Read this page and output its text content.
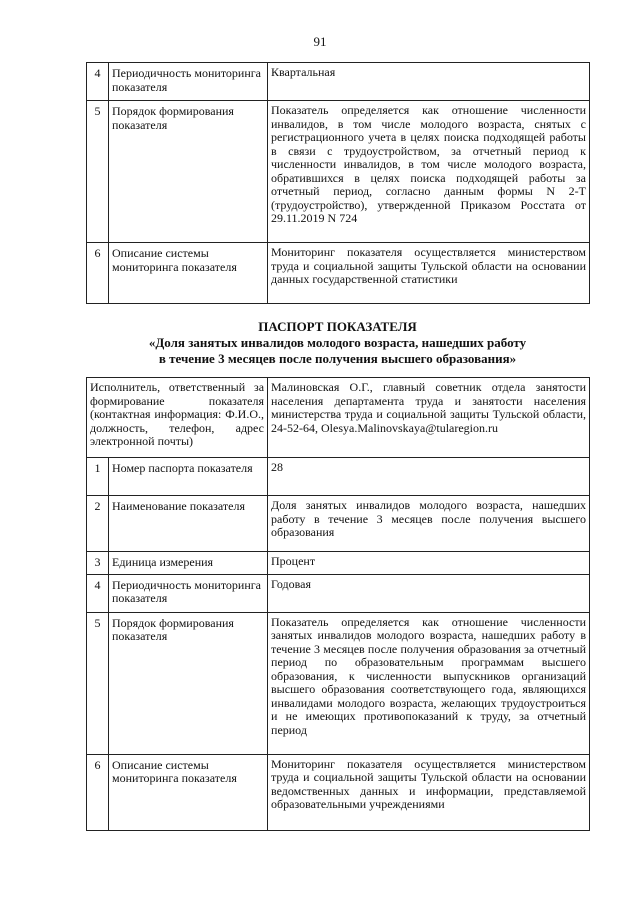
91
4	Периодичность мониторинга показателя	Квартальная
5	Порядок формирования показателя	Показатель определяется как отношение численности инвалидов, в том числе молодого возраста, снятых с регистрационного учета в целях поиска подходящей работы в связи с трудоустройством, за отчетный период к численности инвалидов, в том числе молодого возраста, обратившихся в целях поиска подходящей работы за отчетный период, согласно данным формы N 2-Т (трудоустройство), утвержденной Приказом Росстата от 29.11.2019 N 724
6	Описание системы мониторинга показателя	Мониторинг показателя осуществляется министерством труда и социальной защиты Тульской области на основании данных государственной статистики
ПАСПОРТ ПОКАЗАТЕЛЯ
«Доля занятых инвалидов молодого возраста, нашедших работу
в течение 3 месяцев после получения высшего образования»
Исполнитель, ответственный за формирование показателя (контактная информация: Ф.И.О., должность, телефон, адрес электронной почты)		Малиновская О.Г., главный советник отдела занятости населения департамента труда и занятости населения министерства труда и социальной защиты Тульской области, 24-52-64, Olesya.Malinovskaya@tularegion.ru
1	Номер паспорта показателя	28
2	Наименование показателя	Доля занятых инвалидов молодого возраста, нашедших работу в течение 3 месяцев после получения высшего образования
3	Единица измерения	Процент
4	Периодичность мониторинга показателя	Годовая
5	Порядок формирования показателя	Показатель определяется как отношение численности занятых инвалидов молодого возраста, нашедших работу в течение 3 месяцев после получения образования за отчетный период по образовательным программам высшего образования, к численности выпускников организаций высшего образования соответствующего года, являющихся инвалидами молодого возраста, желающих трудоустроиться и не имеющих противопоказаний к труду, за отчетный период
6	Описание системы мониторинга показателя	Мониторинг показателя осуществляется министерством труда и социальной защиты Тульской области на основании ведомственных данных и информации, представляемой образовательными учреждениями
